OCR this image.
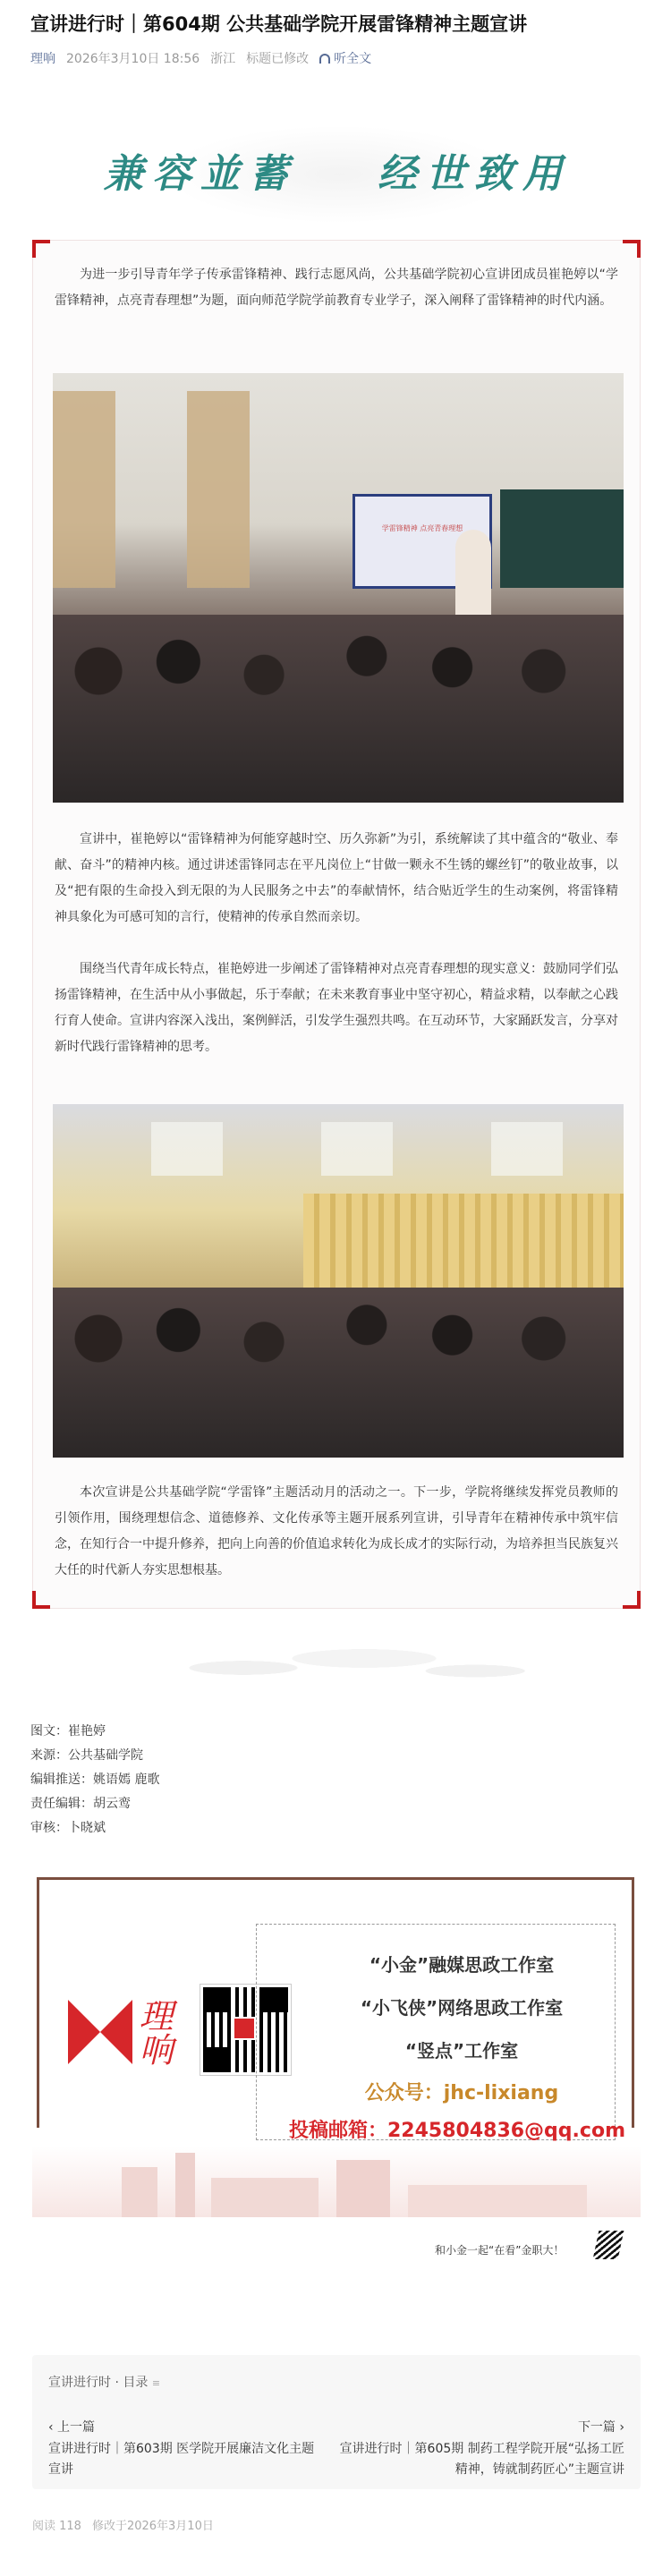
宣讲进行时｜第604期 公共基础学院开展雷锋精神主题宣讲
理响 2026年3月10日 18:56 浙江 标题已修改 听全文
兼容並蓄 经世致用

为进一步引导青年学子传承雷锋精神、践行志愿风尚，公共基础学院初心宣讲团成员崔艳婷以“学雷锋精神，点亮青春理想”为题，面向师范学院学前教育专业学子，深入阐释了雷锋精神的时代内涵。

学雷锋精神 点亮青春理想

宣讲中，崔艳婷以“雷锋精神为何能穿越时空、历久弥新”为引，系统解读了其中蕴含的“敬业、奉献、奋斗”的精神内核。通过讲述雷锋同志在平凡岗位上“甘做一颗永不生锈的螺丝钉”的敬业故事，以及“把有限的生命投入到无限的为人民服务之中去”的奉献情怀，结合贴近学生的生动案例，将雷锋精神具象化为可感可知的言行，使精神的传承自然而亲切。

围绕当代青年成长特点，崔艳婷进一步阐述了雷锋精神对点亮青春理想的现实意义：鼓励同学们弘扬雷锋精神，在生活中从小事做起，乐于奉献；在未来教育事业中坚守初心，精益求精，以奉献之心践行育人使命。宣讲内容深入浅出，案例鲜活，引发学生强烈共鸣。在互动环节，大家踊跃发言，分享对新时代践行雷锋精神的思考。

本次宣讲是公共基础学院“学雷锋”主题活动月的活动之一。下一步，学院将继续发挥党员教师的引领作用，围绕理想信念、道德修养、文化传承等主题开展系列宣讲，引导青年在精神传承中筑牢信念，在知行合一中提升修养，把向上向善的价值追求转化为成长成才的实际行动，为培养担当民族复兴大任的时代新人夯实思想根基。

图文：崔艳婷
来源：公共基础学院
编辑推送：姚语嫣 鹿歌
责任编辑：胡云鸾
审核：卜晓斌
理响
“小金”融媒思政工作室
“小飞侠”网络思政工作室
“竖点”工作室
公众号：jhc-lixiang
投稿邮箱：2245804836@qq.com
和小金一起“在看”金职大！
宣讲进行时 · 目录 ≡
‹ 上一篇
宣讲进行时｜第603期 医学院开展廉洁文化主题宣讲
下一篇 ›
宣讲进行时｜第605期 制药工程学院开展“弘扬工匠精神，铸就制药匠心”主题宣讲
阅读 118 修改于2026年3月10日
